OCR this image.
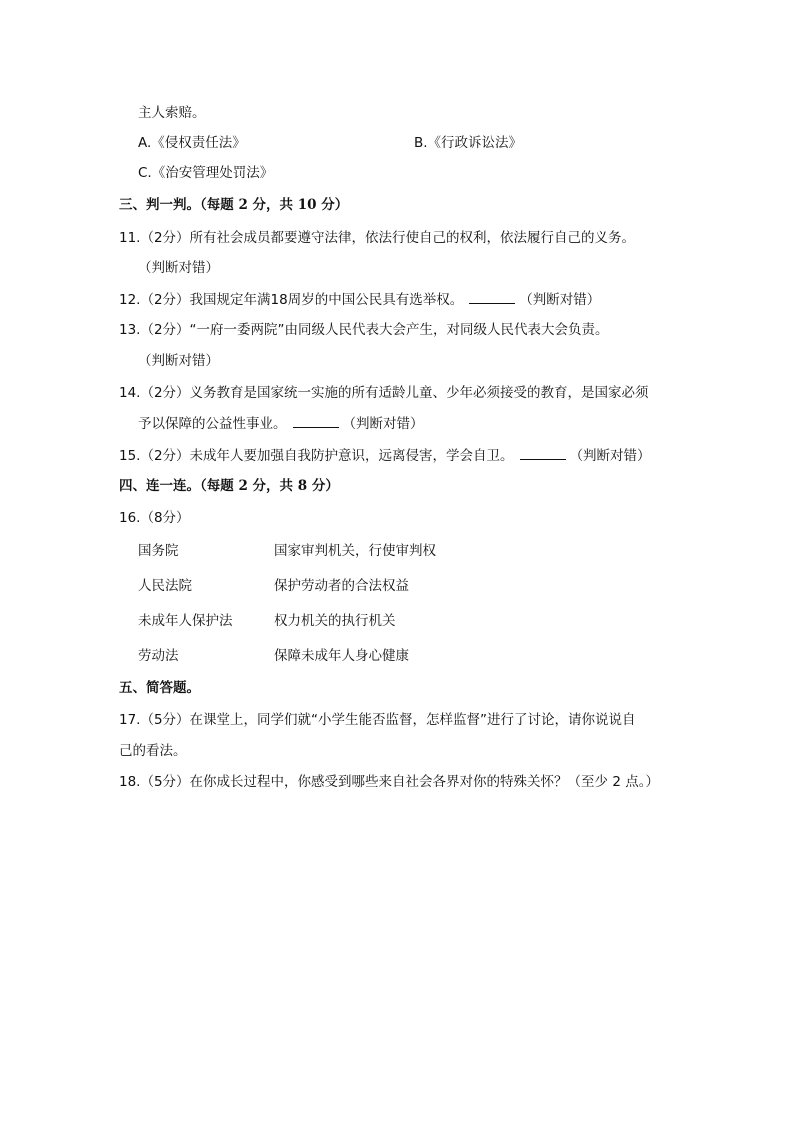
主人索赔。
A.《侵权责任法》	B.《行政诉讼法》
C.《治安管理处罚法》
三、判一判。（每题 2 分，共 10 分）
11.（2分）所有社会成员都要遵守法律，依法行使自己的权利，依法履行自己的义务。
（判断对错）
12.（2分）我国规定年满18周岁的中国公民具有选举权。	（判断对错）
13.（2分）“一府一委两院”由同级人民代表大会产生，对同级人民代表大会负责。
（判断对错）
14.（2分）义务教育是国家统一实施的所有适龄儿童、少年必须接受的教育，是国家必须
予以保障的公益性事业。	（判断对错）
15.（2分）未成年人要加强自我防护意识，远离侵害，学会自卫。	（判断对错）
四、连一连。（每题 2 分，共 8 分）
16.（8分）
国务院	国家审判机关，行使审判权
人民法院	保护劳动者的合法权益
未成年人保护法	权力机关的执行机关
劳动法	保障未成年人身心健康
五、简答题。
17.（5分）在课堂上，同学们就“小学生能否监督，怎样监督”进行了讨论，请你说说自
己的看法。
18.（5分）在你成长过程中，你感受到哪些来自社会各界对你的特殊关怀？（至少 2 点。）
